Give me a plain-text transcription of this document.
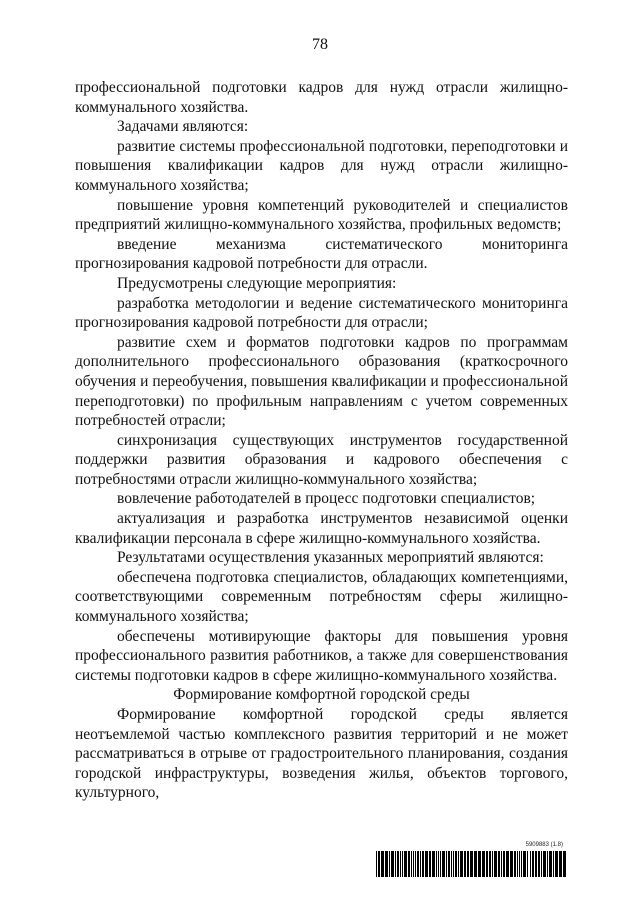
78

профессиональной подготовки кадров для нужд отрасли жилищно-коммунального хозяйства.

Задачами являются:

развитие системы профессиональной подготовки, переподготовки и повышения квалификации кадров для нужд отрасли жилищно-коммунального хозяйства;

повышение уровня компетенций руководителей и специалистов предприятий жилищно-коммунального хозяйства, профильных ведомств;

введение механизма систематического мониторинга прогнозирования кадровой потребности для отрасли.

Предусмотрены следующие мероприятия:

разработка методологии и ведение систематического мониторинга прогнозирования кадровой потребности для отрасли;

развитие схем и форматов подготовки кадров по программам дополнительного профессионального образования (краткосрочного обучения и переобучения, повышения квалификации и профессиональной переподготовки) по профильным направлениям с учетом современных потребностей отрасли;

синхронизация существующих инструментов государственной поддержки развития образования и кадрового обеспечения с потребностями отрасли жилищно-коммунального хозяйства;

вовлечение работодателей в процесс подготовки специалистов;

актуализация и разработка инструментов независимой оценки квалификации персонала в сфере жилищно-коммунального хозяйства.

Результатами осуществления указанных мероприятий являются:

обеспечена подготовка специалистов, обладающих компетенциями, соответствующими современным потребностям сферы жилищно-коммунального хозяйства;

обеспечены мотивирующие факторы для повышения уровня профессионального развития работников, а также для совершенствования системы подготовки кадров в сфере жилищно-коммунального хозяйства.

Формирование комфортной городской среды

Формирование комфортной городской среды является неотъемлемой частью комплексного развития территорий и не может рассматриваться в отрыве от градостроительного планирования, создания городской инфраструктуры, возведения жилья, объектов торгового, культурного,

5909883 (1.8)
